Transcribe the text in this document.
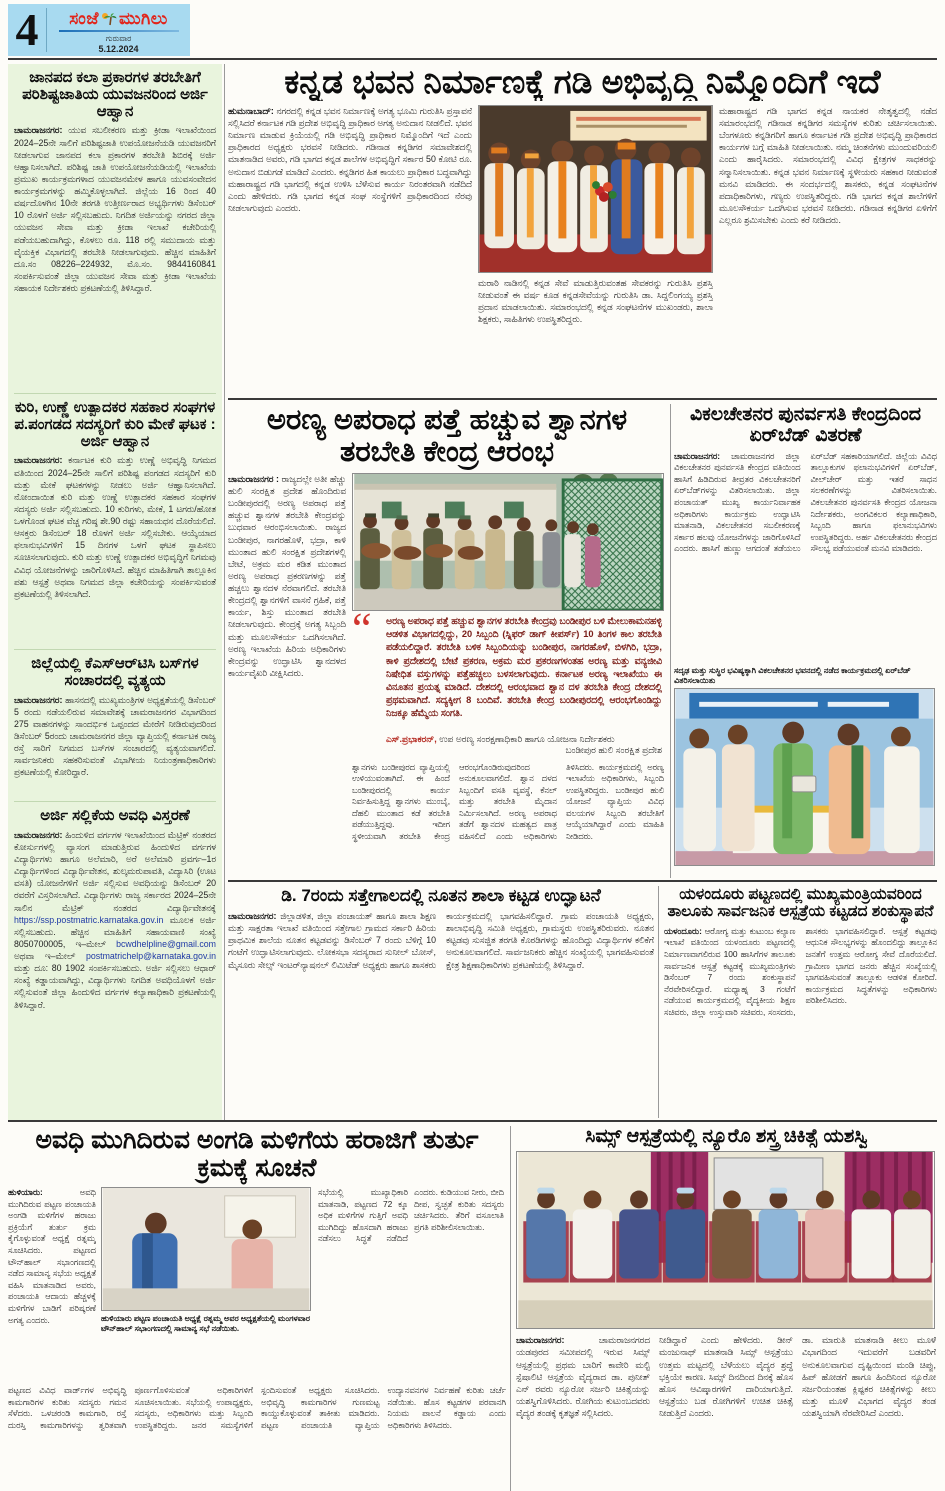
4	ಸಂಜೆ ಮುಗಿಲು
ಗುರುವಾರ
5.12.2024
ಜಾನಪದ ಕಲಾ ಪ್ರಕಾರಗಳ ತರಬೇತಿಗೆ ಪರಿಶಿಷ್ಟಜಾತಿಯ ಯುವಜನರಿಂದ ಅರ್ಜಿ ಆಹ್ವಾನ

ಚಾಮರಾಜನಗರ: ಯುವ ಸಬಲೀಕರಣ ಮತ್ತು ಕ್ರೀಡಾ ಇಲಾಖೆಯಿಂದ 2024–25ನೇ ಸಾಲಿಗೆ ಪರಿಶಿಷ್ಟಜಾತಿ ಉಪಯೋಜನೆಯಡಿ ಯುವಜನರಿಗೆ ನೀಡಲಾಗುವ ಜಾನಪದ ಕಲಾ ಪ್ರಕಾರಗಳ ತರಬೇತಿ ಶಿಬಿರಕ್ಕೆ ಅರ್ಜಿ ಆಹ್ವಾನಿಸಲಾಗಿದೆ. ಪರಿಶಿಷ್ಟ ಜಾತಿ ಉಪಯೋಜನೆಯಡಿಯಲ್ಲಿ ಇಲಾಖೆಯ ಪ್ರಮುಖ ಕಾರ್ಯಕ್ರಮಗಳಾದ ಯುವಜನಮೇಳ ಹಾಗೂ ಯುವಸಂವೇದನ ಕಾರ್ಯಕ್ರಮಗಳನ್ನು ಹಮ್ಮಿಕೊಳ್ಳಲಾಗಿದೆ. ಜಿಲ್ಲೆಯ 16 ರಿಂದ 40 ವರ್ಷದೊಳಗಿನ 10ನೇ ತರಗತಿ ಉತ್ತೀರ್ಣರಾದ ಅಭ್ಯರ್ಥಿಗಳು ಡಿಸೆಂಬರ್ 10 ರೊಳಗೆ ಅರ್ಜಿ ಸಲ್ಲಿಸಬಹುದು. ನಿಗದಿತ ಅರ್ಜಿಯನ್ನು ನಗರದ ಜಿಲ್ಲಾ ಯುವಜನ ಸೇವಾ ಮತ್ತು ಕ್ರೀಡಾ ಇಲಾಖೆ ಕಚೇರಿಯಲ್ಲಿ ಪಡೆಯಬಹುದಾಗಿದ್ದು, ಕೊಳಲು ರೂ. 118 ರಲ್ಲಿ ಸಮುದಾಯ ಮತ್ತು ವೈಯಕ್ತಿಕ ವಿಭಾಗದಲ್ಲಿ ತರಬೇತಿ ನೀಡಲಾಗುವುದು. ಹೆಚ್ಚಿನ ಮಾಹಿತಿಗೆ ದೂ.ಸಂ 08226–224932, ಮೊ.ಸಂ. 9844160841 ಸಂಪರ್ಕಿಸುವಂತೆ ಜಿಲ್ಲಾ ಯುವಜನ ಸೇವಾ ಮತ್ತು ಕ್ರೀಡಾ ಇಲಾಖೆಯ ಸಹಾಯಕ ನಿರ್ದೇಶಕರು ಪ್ರಕಟಣೆಯಲ್ಲಿ ತಿಳಿಸಿದ್ದಾರೆ.

ಕುರಿ, ಉಣ್ಣೆ ಉತ್ಪಾದಕರ ಸಹಕಾರ ಸಂಘಗಳ ಪ.ಪಂಗಡದ ಸದಸ್ಯರಿಗೆ ಕುರಿ ಮೇಕೆ ಘಟಕ : ಅರ್ಜಿ ಆಹ್ವಾನ

ಚಾಮರಾಜನಗರ: ಕರ್ನಾಟಕ ಕುರಿ ಮತ್ತು ಉಣ್ಣೆ ಅಭಿವೃದ್ಧಿ ನಿಗಮದ ವತಿಯಿಂದ 2024–25ನೇ ಸಾಲಿಗೆ ಪರಿಶಿಷ್ಟ ಪಂಗಡದ ಸದಸ್ಯರಿಗೆ ಕುರಿ ಮತ್ತು ಮೇಕೆ ಘಟಕಗಳನ್ನು ನೀಡಲು ಅರ್ಜಿ ಆಹ್ವಾನಿಸಲಾಗಿದೆ. ನೋಂದಾಯಿತ ಕುರಿ ಮತ್ತು ಉಣ್ಣೆ ಉತ್ಪಾದಕರ ಸಹಕಾರ ಸಂಘಗಳ ಸದಸ್ಯರು ಅರ್ಜಿ ಸಲ್ಲಿಸಬಹುದು. 10 ಕುರಿಗಳು, ಮೇಕೆ, 1 ಟಗರು/ಹೋತ ಒಳಗೊಂಡ ಘಟಕ ವೆಚ್ಚ ಗರಿಷ್ಠ ಶೇ.90 ರಷ್ಟು ಸಹಾಯಧನ ದೊರೆಯಲಿದೆ. ಆಸಕ್ತರು ಡಿಸೆಂಬರ್ 18 ರೊಳಗೆ ಅರ್ಜಿ ಸಲ್ಲಿಸಬೇಕು. ಆಯ್ಕೆಯಾದ ಫಲಾನುಭವಿಗಳಿಗೆ 15 ದಿನಗಳ ಒಳಗೆ ಘಟಕ ಸ್ಥಾಪಿಸಲು ಸೂಚಿಸಲಾಗುವುದು. ಕುರಿ ಮತ್ತು ಉಣ್ಣೆ ಉತ್ಪಾದಕರ ಅಭಿವೃದ್ಧಿಗೆ ನಿಗಮವು ವಿವಿಧ ಯೋಜನೆಗಳನ್ನು ಜಾರಿಗೊಳಿಸಿದೆ. ಹೆಚ್ಚಿನ ಮಾಹಿತಿಗಾಗಿ ತಾಲ್ಲೂಕಿನ ಪಶು ಆಸ್ಪತ್ರೆ ಅಥವಾ ನಿಗಮದ ಜಿಲ್ಲಾ ಕಚೇರಿಯನ್ನು ಸಂಪರ್ಕಿಸುವಂತೆ ಪ್ರಕಟಣೆಯಲ್ಲಿ ತಿಳಿಸಲಾಗಿದೆ.

ಜಿಲ್ಲೆಯಲ್ಲಿ ಕೆಎಸ್‌ಆರ್‌ಟಿಸಿ ಬಸ್‌ಗಳ ಸಂಚಾರದಲ್ಲಿ ವ್ಯತ್ಯಯ

ಚಾಮರಾಜನಗರ: ಹಾಸನದಲ್ಲಿ ಮುಖ್ಯಮಂತ್ರಿಗಳ ಅಧ್ಯಕ್ಷತೆಯಲ್ಲಿ ಡಿಸೆಂಬರ್ 5 ರಂದು ನಡೆಯಲಿರುವ ಸಮಾವೇಶಕ್ಕೆ ಚಾಮರಾಜನಗರ ವಿಭಾಗದಿಂದ 275 ವಾಹನಗಳನ್ನು ಸಾಂದರ್ಭಿಕ ಒಪ್ಪಂದದ ಮೇರೆಗೆ ನೀಡಿರುವುದರಿಂದ ಡಿಸೆಂಬರ್ 5ರಂದು ಚಾಮರಾಜನಗರ ಜಿಲ್ಲಾ ವ್ಯಾಪ್ತಿಯಲ್ಲಿ ಕರ್ನಾಟಕ ರಾಜ್ಯ ರಸ್ತೆ ಸಾರಿಗೆ ನಿಗಮದ ಬಸ್‌ಗಳ ಸಂಚಾರದಲ್ಲಿ ವ್ಯತ್ಯಯವಾಗಲಿದೆ. ಸಾರ್ವಜನಿಕರು ಸಹಕರಿಸುವಂತೆ ವಿಭಾಗೀಯ ನಿಯಂತ್ರಣಾಧಿಕಾರಿಗಳು ಪ್ರಕಟಣೆಯಲ್ಲಿ ಕೋರಿದ್ದಾರೆ.

ಅರ್ಜಿ ಸಲ್ಲಿಕೆಯ ಅವಧಿ ವಿಸ್ತರಣೆ

ಚಾಮರಾಜನಗರ: ಹಿಂದುಳಿದ ವರ್ಗಗಳ ಇಲಾಖೆಯಿಂದ ಮೆಟ್ರಿಕ್ ನಂತರದ ಕೋರ್ಸುಗಳಲ್ಲಿ ವ್ಯಾಸಂಗ ಮಾಡುತ್ತಿರುವ ಹಿಂದುಳಿದ ವರ್ಗಗಳ ವಿದ್ಯಾರ್ಥಿಗಳು ಹಾಗೂ ಅಲೆಮಾರಿ, ಅರೆ ಅಲೆಮಾರಿ ಪ್ರವರ್ಗ–1ರ ವಿದ್ಯಾರ್ಥಿಗಳಿಂದ ವಿದ್ಯಾರ್ಥಿವೇತನ, ಶುಲ್ಕಮರುಪಾವತಿ, ವಿದ್ಯಾಸಿರಿ (ಊಟ ವಸತಿ) ಯೋಜನೆಗಳಿಗೆ ಅರ್ಜಿ ಸಲ್ಲಿಸುವ ಅವಧಿಯನ್ನು ಡಿಸೆಂಬರ್ 20 ರವರೆಗೆ ವಿಸ್ತರಿಸಲಾಗಿದೆ. ವಿದ್ಯಾರ್ಥಿಗಳು ರಾಜ್ಯ ಸರ್ಕಾರದ 2024–25ನೇ ಸಾಲಿನ ಮೆಟ್ರಿಕ್ ನಂತರದ ವಿದ್ಯಾರ್ಥಿವೇತನಕ್ಕೆ https://ssp.postmatric.karnataka.gov.in ಮೂಲಕ ಅರ್ಜಿ ಸಲ್ಲಿಸಬಹುದು. ಹೆಚ್ಚಿನ ಮಾಹಿತಿಗೆ ಸಹಾಯವಾಣಿ ಸಂಖ್ಯೆ 8050700005, ಇ–ಮೇಲ್ bcwdhelpline@gmail.com ಅಥವಾ ಇ–ಮೇಲ್ postmatrichelp@karnataka.gov.in ಮತ್ತು ದೂ: 80 1902 ಸಂಪರ್ಕಿಸಬಹುದು. ಅರ್ಜಿ ಸಲ್ಲಿಸಲು ಆಧಾರ್ ಸಂಖ್ಯೆ ಕಡ್ಡಾಯವಾಗಿದ್ದು, ವಿದ್ಯಾರ್ಥಿಗಳು ನಿಗದಿತ ಅವಧಿಯೊಳಗೆ ಅರ್ಜಿ ಸಲ್ಲಿಸುವಂತೆ ಜಿಲ್ಲಾ ಹಿಂದುಳಿದ ವರ್ಗಗಳ ಕಲ್ಯಾಣಾಧಿಕಾರಿ ಪ್ರಕಟಣೆಯಲ್ಲಿ ತಿಳಿಸಿದ್ದಾರೆ.

ಕನ್ನಡ ಭವನ ನಿರ್ಮಾಣಕ್ಕೆ ಗಡಿ ಅಭಿವೃದ್ಧಿ ನಿಮ್ಮೊಂದಿಗೆ ಇದೆ
ಹುಮನಾಬಾದ್: ನಗರದಲ್ಲಿ ಕನ್ನಡ ಭವನ ನಿರ್ಮಾಣಕ್ಕೆ ಅಗತ್ಯ ಭೂಮಿ ಗುರುತಿಸಿ ಪ್ರಸ್ತಾವನೆ ಸಲ್ಲಿಸಿದರೆ ಕರ್ನಾಟಕ ಗಡಿ ಪ್ರದೇಶ ಅಭಿವೃದ್ಧಿ ಪ್ರಾಧಿಕಾರ ಅಗತ್ಯ ಅನುದಾನ ನೀಡಲಿದೆ. ಭವನ ನಿರ್ಮಾಣ ಮಾಡುವ ಕ್ರಿಯೆಯಲ್ಲಿ ಗಡಿ ಅಭಿವೃದ್ಧಿ ಪ್ರಾಧಿಕಾರ ನಿಮ್ಮೊಂದಿಗೆ ಇದೆ ಎಂದು ಪ್ರಾಧಿಕಾರದ ಅಧ್ಯಕ್ಷರು ಭರವಸೆ ನೀಡಿದರು. ಗಡಿನಾಡ ಕನ್ನಡಿಗರ ಸಮಾವೇಶದಲ್ಲಿ ಮಾತನಾಡಿದ ಅವರು, ಗಡಿ ಭಾಗದ ಕನ್ನಡ ಶಾಲೆಗಳ ಅಭಿವೃದ್ಧಿಗೆ ಸರ್ಕಾರ 50 ಕೋಟಿ ರೂ. ಅನುದಾನ ಬಿಡುಗಡೆ ಮಾಡಿದೆ ಎಂದರು. ಕನ್ನಡಿಗರ ಹಿತ ಕಾಯಲು ಪ್ರಾಧಿಕಾರ ಬದ್ಧವಾಗಿದ್ದು ಮಹಾರಾಷ್ಟ್ರದ ಗಡಿ ಭಾಗದಲ್ಲಿ ಕನ್ನಡ ಉಳಿಸಿ ಬೆಳೆಸುವ ಕಾರ್ಯ ನಿರಂತರವಾಗಿ ನಡೆದಿದೆ ಎಂದು ಹೇಳಿದರು. ಗಡಿ ಭಾಗದ ಕನ್ನಡ ಸಂಘ ಸಂಸ್ಥೆಗಳಿಗೆ ಪ್ರಾಧಿಕಾರದಿಂದ ನೆರವು ನೀಡಲಾಗುವುದು ಎಂದರು.

ಮರಾಠಿ ನಾಡಿನಲ್ಲಿ ಕನ್ನಡ ಸೇವೆ ಮಾಡುತ್ತಿರುವಂತಹ ಸೇವಕರನ್ನು ಗುರುತಿಸಿ ಪ್ರಶಸ್ತಿ ನೀಡುವಂತೆ ಈ ವರ್ಷ ಕೂಡ ಕನ್ನಡಸೇವೆಯನ್ನು ಗುರುತಿಸಿ ಡಾ. ಸಿದ್ದಲಿಂಗಯ್ಯ ಪ್ರಶಸ್ತಿ ಪ್ರದಾನ ಮಾಡಲಾಯಿತು. ಸಮಾರಂಭದಲ್ಲಿ ಕನ್ನಡ ಸಂಘಟನೆಗಳ ಮುಖಂಡರು, ಶಾಲಾ ಶಿಕ್ಷಕರು, ಸಾಹಿತಿಗಳು ಉಪಸ್ಥಿತರಿದ್ದರು.

ಮಹಾರಾಷ್ಟ್ರದ ಗಡಿ ಭಾಗದ ಕನ್ನಡ ನಾಯಕರ ನೇತೃತ್ವದಲ್ಲಿ ನಡೆದ ಸಮಾರಂಭದಲ್ಲಿ ಗಡಿನಾಡ ಕನ್ನಡಿಗರ ಸಮಸ್ಯೆಗಳ ಕುರಿತು ಚರ್ಚಿಸಲಾಯಿತು. ಬೆಂಗಳೂರು ಕನ್ನಡಿಗರಿಗೆ ಹಾಗೂ ಕರ್ನಾಟಕ ಗಡಿ ಪ್ರದೇಶ ಅಭಿವೃದ್ಧಿ ಪ್ರಾಧಿಕಾರದ ಕಾರ್ಯಗಳ ಬಗ್ಗೆ ಮಾಹಿತಿ ನೀಡಲಾಯಿತು. ನಮ್ಮ ಚಿಂತನೆಗಳು ಮುಂದುವರಿಯಲಿ ಎಂದು ಹಾರೈಸಿದರು. ಸಮಾರಂಭದಲ್ಲಿ ವಿವಿಧ ಕ್ಷೇತ್ರಗಳ ಸಾಧಕರನ್ನು ಸನ್ಮಾನಿಸಲಾಯಿತು. ಕನ್ನಡ ಭವನ ನಿರ್ಮಾಣಕ್ಕೆ ಸ್ಥಳೀಯರು ಸಹಕಾರ ನೀಡುವಂತೆ ಮನವಿ ಮಾಡಿದರು. ಈ ಸಂದರ್ಭದಲ್ಲಿ ಶಾಸಕರು, ಕನ್ನಡ ಸಂಘಟನೆಗಳ ಪದಾಧಿಕಾರಿಗಳು, ಗಣ್ಯರು ಉಪಸ್ಥಿತರಿದ್ದರು. ಗಡಿ ಭಾಗದ ಕನ್ನಡ ಶಾಲೆಗಳಿಗೆ ಮೂಲಸೌಕರ್ಯ ಒದಗಿಸುವ ಭರವಸೆ ನೀಡಿದರು. ಗಡಿನಾಡ ಕನ್ನಡಿಗರ ಏಳಿಗೆಗೆ ಎಲ್ಲರೂ ಶ್ರಮಿಸಬೇಕು ಎಂದು ಕರೆ ನೀಡಿದರು.
ಅರಣ್ಯ ಅಪರಾಧ ಪತ್ತೆ ಹಚ್ಚುವ ಶ್ವಾನಗಳ ತರಬೇತಿ ಕೇಂದ್ರ ಆರಂಭ
ಚಾಮರಾಜನಗರ : ರಾಜ್ಯದಲ್ಲೇ ಅತೀ ಹೆಚ್ಚು ಹುಲಿ ಸಂರಕ್ಷಿತ ಪ್ರದೇಶ ಹೊಂದಿರುವ ಬಂಡೀಪುರದಲ್ಲಿ ಅರಣ್ಯ ಅಪರಾಧ ಪತ್ತೆ ಹಚ್ಚುವ ಶ್ವಾನಗಳ ತರಬೇತಿ ಕೇಂದ್ರವನ್ನು ಬುಧವಾರ ಆರಂಭಿಸಲಾಯಿತು. ರಾಜ್ಯದ ಬಂಡೀಪುರ, ನಾಗರಹೊಳೆ, ಭದ್ರಾ, ಕಾಳಿ ಮುಂತಾದ ಹುಲಿ ಸಂರಕ್ಷಿತ ಪ್ರದೇಶಗಳಲ್ಲಿ ಬೇಟೆ, ಅಕ್ರಮ ಮರ ಕಡಿತ ಮುಂತಾದ ಅರಣ್ಯ ಅಪರಾಧ ಪ್ರಕರಣಗಳನ್ನು ಪತ್ತೆ ಹಚ್ಚಲು ಶ್ವಾನದಳ ನೆರವಾಗಲಿದೆ. ತರಬೇತಿ ಕೇಂದ್ರದಲ್ಲಿ ಶ್ವಾನಗಳಿಗೆ ವಾಸನೆ ಗ್ರಹಿಕೆ, ಪತ್ತೆ ಕಾರ್ಯ, ಶಿಸ್ತು ಮುಂತಾದ ತರಬೇತಿ ನೀಡಲಾಗುವುದು. ಕೇಂದ್ರಕ್ಕೆ ಅಗತ್ಯ ಸಿಬ್ಬಂದಿ ಮತ್ತು ಮೂಲಸೌಕರ್ಯ ಒದಗಿಸಲಾಗಿದೆ. ಅರಣ್ಯ ಇಲಾಖೆಯ ಹಿರಿಯ ಅಧಿಕಾರಿಗಳು ಕೇಂದ್ರವನ್ನು ಉದ್ಘಾಟಿಸಿ ಶ್ವಾನದಳದ ಕಾರ್ಯವೈಖರಿ ವೀಕ್ಷಿಸಿದರು.
“ ಅರಣ್ಯ ಅಪರಾಧ ಪತ್ತೆ ಹಚ್ಚುವ ಶ್ವಾನಗಳ ತರಬೇತಿ ಕೇಂದ್ರವು ಬಂಡೀಪುರ ಬಳಿ ಮೇಲುಕಾಮನಹಳ್ಳಿ ಆಡಳಿತ ವಿಭಾಗದಲ್ಲಿದ್ದು, 20 ಸಿಬ್ಬಂದಿ (ಸ್ನಿಫರ್ ಡಾಗ್ ಕೀಪರ್ಸ್) 10 ತಿಂಗಳ ಕಾಲ ತರಬೇತಿ ಪಡೆಯಲಿದ್ದಾರೆ. ತರಬೇತಿ ಬಳಿಕ ಸಿಬ್ಬಂದಿಯನ್ನು ಬಂಡೀಪುರ, ನಾಗರಹೊಳೆ, ಬಿಳಗಿರಿ, ಭದ್ರಾ, ಕಾಳಿ ಪ್ರದೇಶದಲ್ಲಿ ಬೇಟೆ ಪ್ರಕರಣ, ಅಕ್ರಮ ಮರ ಪ್ರಕರಣಗಳಂತಹ ಅರಣ್ಯ ಮತ್ತು ವನ್ಯಜೀವಿ ನಿಷೇಧಿತ ವಸ್ತುಗಳನ್ನು ಪತ್ತೆಹಚ್ಚಲು ಬಳಸಲಾಗುವುದು. ಕರ್ನಾಟಕ ಅರಣ್ಯ ಇಲಾಖೆಯು ಈ ವಿನೂತನ ಪ್ರಯತ್ನ ಮಾಡಿದೆ. ದೇಶದಲ್ಲಿ ಆರಂಭವಾದ ಶ್ವಾನ ದಳ ತರಬೇತಿ ಕೇಂದ್ರ ದೇಶದಲ್ಲಿ ಪ್ರಥಮವಾಗಿದೆ. ಸದ್ಯಕ್ಕೀಗ 8 ಬಂದಿವೆ. ತರಬೇತಿ ಕೇಂದ್ರ ಬಂಡೀಪುರದಲ್ಲಿ ಆರಂಭಗೊಂಡಿದ್ದು ನಿಜಕ್ಕೂ ಹೆಮ್ಮೆಯ ಸಂಗತಿ.

ಎಸ್.ಪ್ರಭಾಕರನ್, ಉಪ ಅರಣ್ಯ ಸಂರಕ್ಷಣಾಧಿಕಾರಿ ಹಾಗೂ ಯೋಜನಾ ನಿರ್ದೇಶಕರು
ಬಂಡೀಪುರ ಹುಲಿ ಸಂರಕ್ಷಿತ ಪ್ರದೇಶ

ಶ್ವಾನಗಳು ಬಂಡೀಪುರದ ವ್ಯಾಪ್ತಿಯಲ್ಲಿ ಉಳಿಯುವಂತಾಗಿದೆ. ಈ ಹಿಂದೆ ಬಂಡೀಪುರದಲ್ಲಿ ಕಾರ್ಯ ನಿರ್ವಹಿಸುತ್ತಿದ್ದ ಶ್ವಾನಗಳು ಮುಂಬೈ, ದೆಹಲಿ ಮುಂತಾದ ಕಡೆ ತರಬೇತಿ ಪಡೆಯುತ್ತಿದ್ದವು. ಇದೀಗ ಸ್ಥಳೀಯವಾಗಿ ತರಬೇತಿ ಕೇಂದ್ರ ಆರಂಭಗೊಂಡಿರುವುದರಿಂದ ಅನುಕೂಲವಾಗಲಿದೆ. ಶ್ವಾನ ದಳದ ಸಿಬ್ಬಂದಿಗೆ ವಸತಿ ವ್ಯವಸ್ಥೆ, ಕೆನಲ್ ಮತ್ತು ತರಬೇತಿ ಮೈದಾನ ನಿರ್ಮಿಸಲಾಗಿದೆ. ಅರಣ್ಯ ಅಪರಾಧ ತಡೆಗೆ ಶ್ವಾನದಳ ಮಹತ್ವದ ಪಾತ್ರ ವಹಿಸಲಿದೆ ಎಂದು ಅಧಿಕಾರಿಗಳು ತಿಳಿಸಿದರು. ಕಾರ್ಯಕ್ರಮದಲ್ಲಿ ಅರಣ್ಯ ಇಲಾಖೆಯ ಅಧಿಕಾರಿಗಳು, ಸಿಬ್ಬಂದಿ ಉಪಸ್ಥಿತರಿದ್ದರು. ಬಂಡೀಪುರ ಹುಲಿ ಯೋಜನೆ ವ್ಯಾಪ್ತಿಯ ವಿವಿಧ ವಲಯಗಳ ಸಿಬ್ಬಂದಿ ತರಬೇತಿಗೆ ಆಯ್ಕೆಯಾಗಿದ್ದಾರೆ ಎಂದು ಮಾಹಿತಿ ನೀಡಿದರು.

ವಿಕಲಚೇತನರ ಪುನರ್ವಸತಿ ಕೇಂದ್ರದಿಂದ ಏರ್‌ಬೆಡ್ ವಿತರಣೆ

ಚಾಮರಾಜನಗರ: ಚಾಮರಾಜನಗರ ಜಿಲ್ಲಾ ವಿಕಲಚೇತನರ ಪುನರ್ವಸತಿ ಕೇಂದ್ರದ ವತಿಯಿಂದ ಹಾಸಿಗೆ ಹಿಡಿದಿರುವ ತೀವ್ರತರ ವಿಕಲಚೇತನರಿಗೆ ಏರ್‌ಬೆಡ್‌ಗಳನ್ನು ವಿತರಿಸಲಾಯಿತು. ಜಿಲ್ಲಾ ಪಂಚಾಯತ್ ಮುಖ್ಯ ಕಾರ್ಯನಿರ್ವಾಹಕ ಅಧಿಕಾರಿಗಳು ಕಾರ್ಯಕ್ರಮ ಉದ್ಘಾಟಿಸಿ ಮಾತನಾಡಿ, ವಿಕಲಚೇತನರ ಸಬಲೀಕರಣಕ್ಕೆ ಸರ್ಕಾರ ಹಲವು ಯೋಜನೆಗಳನ್ನು ಜಾರಿಗೊಳಿಸಿದೆ ಎಂದರು. ಹಾಸಿಗೆ ಹುಣ್ಣು ಆಗದಂತೆ ತಡೆಯಲು ಏರ್‌ಬೆಡ್ ಸಹಕಾರಿಯಾಗಲಿದೆ. ಜಿಲ್ಲೆಯ ವಿವಿಧ ತಾಲ್ಲೂಕುಗಳ ಫಲಾನುಭವಿಗಳಿಗೆ ಏರ್‌ಬೆಡ್, ವೀಲ್‌ಚೇರ್ ಮತ್ತು ಇತರೆ ಸಾಧನ ಸಲಕರಣೆಗಳನ್ನು ವಿತರಿಸಲಾಯಿತು. ವಿಕಲಚೇತನರ ಪುನರ್ವಸತಿ ಕೇಂದ್ರದ ಯೋಜನಾ ನಿರ್ದೇಶಕರು, ಅಂಗವಿಕಲರ ಕಲ್ಯಾಣಾಧಿಕಾರಿ, ಸಿಬ್ಬಂದಿ ಹಾಗೂ ಫಲಾನುಭವಿಗಳು ಉಪಸ್ಥಿತರಿದ್ದರು. ಅರ್ಹ ವಿಕಲಚೇತನರು ಕೇಂದ್ರದ ಸೌಲಭ್ಯ ಪಡೆಯುವಂತೆ ಮನವಿ ಮಾಡಿದರು.

ಸದೃಢ ಮತ್ತು ಸುಸ್ಥಿರ ಭವಿಷ್ಯಕ್ಕಾಗಿ ವಿಕಲಚೇತನರ ಭವನದಲ್ಲಿ ನಡೆದ ಕಾರ್ಯಕ್ರಮದಲ್ಲಿ ಏರ್‌ಬೆಡ್ ವಿತರಿಸಲಾಯಿತು
ಡಿ. 7ರಂದು ಸತ್ತೇಗಾಲದಲ್ಲಿ ನೂತನ ಶಾಲಾ ಕಟ್ಟಡ ಉದ್ಘಾಟನೆ

ಚಾಮರಾಜನಗರ: ಜಿಲ್ಲಾಡಳಿತ, ಜಿಲ್ಲಾ ಪಂಚಾಯತ್ ಹಾಗೂ ಶಾಲಾ ಶಿಕ್ಷಣ ಮತ್ತು ಸಾಕ್ಷರತಾ ಇಲಾಖೆ ವತಿಯಿಂದ ಸತ್ತೇಗಾಲ ಗ್ರಾಮದ ಸರ್ಕಾರಿ ಹಿರಿಯ ಪ್ರಾಥಮಿಕ ಶಾಲೆಯ ನೂತನ ಕಟ್ಟಡವನ್ನು ಡಿಸೆಂಬರ್ 7 ರಂದು ಬೆಳಿಗ್ಗೆ 10 ಗಂಟೆಗೆ ಉದ್ಘಾಟಿಸಲಾಗುವುದು. ಲೋಕಸಭಾ ಸದಸ್ಯರಾದ ಸುನೀಲ್ ಬೋಸ್, ಮೈಸೂರು ಸೇಲ್ಸ್ ಇಂಟರ್‌ನ್ಯಾಷನಲ್ ಲಿಮಿಟೆಡ್ ಅಧ್ಯಕ್ಷರು ಹಾಗೂ ಶಾಸಕರು ಕಾರ್ಯಕ್ರಮದಲ್ಲಿ ಭಾಗವಹಿಸಲಿದ್ದಾರೆ. ಗ್ರಾಮ ಪಂಚಾಯತಿ ಅಧ್ಯಕ್ಷರು, ಶಾಲಾಭಿವೃದ್ಧಿ ಸಮಿತಿ ಅಧ್ಯಕ್ಷರು, ಗ್ರಾಮಸ್ಥರು ಉಪಸ್ಥಿತರಿರುವರು. ನೂತನ ಕಟ್ಟಡವು ಸುಸಜ್ಜಿತ ತರಗತಿ ಕೊಠಡಿಗಳನ್ನು ಹೊಂದಿದ್ದು ವಿದ್ಯಾರ್ಥಿಗಳ ಕಲಿಕೆಗೆ ಅನುಕೂಲವಾಗಲಿದೆ. ಸಾರ್ವಜನಿಕರು ಹೆಚ್ಚಿನ ಸಂಖ್ಯೆಯಲ್ಲಿ ಭಾಗವಹಿಸುವಂತೆ ಕ್ಷೇತ್ರ ಶಿಕ್ಷಣಾಧಿಕಾರಿಗಳು ಪ್ರಕಟಣೆಯಲ್ಲಿ ತಿಳಿಸಿದ್ದಾರೆ.

ಯಳಂದೂರು ಪಟ್ಟಣದಲ್ಲಿ ಮುಖ್ಯಮಂತ್ರಿಯವರಿಂದ ತಾಲೂಕು ಸಾರ್ವಜನಿಕ ಆಸ್ಪತ್ರೆಯ ಕಟ್ಟಡದ ಶಂಕುಸ್ಥಾಪನೆ

ಯಳಂದೂರು: ಆರೋಗ್ಯ ಮತ್ತು ಕುಟುಂಬ ಕಲ್ಯಾಣ ಇಲಾಖೆ ವತಿಯಿಂದ ಯಳಂದೂರು ಪಟ್ಟಣದಲ್ಲಿ ನಿರ್ಮಾಣವಾಗಲಿರುವ 100 ಹಾಸಿಗೆಗಳ ತಾಲೂಕು ಸಾರ್ವಜನಿಕ ಆಸ್ಪತ್ರೆ ಕಟ್ಟಡಕ್ಕೆ ಮುಖ್ಯಮಂತ್ರಿಗಳು ಡಿಸೆಂಬರ್ 7 ರಂದು ಶಂಕುಸ್ಥಾಪನೆ ನೆರವೇರಿಸಲಿದ್ದಾರೆ. ಮಧ್ಯಾಹ್ನ 3 ಗಂಟೆಗೆ ನಡೆಯುವ ಕಾರ್ಯಕ್ರಮದಲ್ಲಿ ವೈದ್ಯಕೀಯ ಶಿಕ್ಷಣ ಸಚಿವರು, ಜಿಲ್ಲಾ ಉಸ್ತುವಾರಿ ಸಚಿವರು, ಸಂಸದರು, ಶಾಸಕರು ಭಾಗವಹಿಸಲಿದ್ದಾರೆ. ಆಸ್ಪತ್ರೆ ಕಟ್ಟಡವು ಆಧುನಿಕ ಸೌಲಭ್ಯಗಳನ್ನು ಹೊಂದಲಿದ್ದು ತಾಲ್ಲೂಕಿನ ಜನತೆಗೆ ಉತ್ತಮ ಆರೋಗ್ಯ ಸೇವೆ ದೊರೆಯಲಿದೆ. ಗ್ರಾಮೀಣ ಭಾಗದ ಜನರು ಹೆಚ್ಚಿನ ಸಂಖ್ಯೆಯಲ್ಲಿ ಭಾಗವಹಿಸುವಂತೆ ತಾಲ್ಲೂಕು ಆಡಳಿತ ಕೋರಿದೆ. ಕಾರ್ಯಕ್ರಮದ ಸಿದ್ಧತೆಗಳನ್ನು ಅಧಿಕಾರಿಗಳು ಪರಿಶೀಲಿಸಿದರು.

ಅವಧಿ ಮುಗಿದಿರುವ ಅಂಗಡಿ ಮಳಿಗೆಯ ಹರಾಜಿಗೆ ತುರ್ತು ಕ್ರಮಕ್ಕೆ ಸೂಚನೆ
ಹುಳಿಯಾರು:	ಅವಧಿ ಮುಗಿದಿರುವ ಪಟ್ಟಣ ಪಂಚಾಯತಿ ಅಂಗಡಿ ಮಳಿಗೆಗಳ ಹರಾಜು ಪ್ರಕ್ರಿಯೆಗೆ ತುರ್ತು ಕ್ರಮ ಕೈಗೊಳ್ಳುವಂತೆ ಅಧ್ಯಕ್ಷೆ ರತ್ನಮ್ಮ ಸೂಚಿಸಿದರು. ಪಟ್ಟಣದ ಟೌನ್‌ಹಾಲ್ ಸಭಾಂಗಣದಲ್ಲಿ ನಡೆದ ಸಾಮಾನ್ಯ ಸಭೆಯ ಅಧ್ಯಕ್ಷತೆ ವಹಿಸಿ ಮಾತನಾಡಿದ ಅವರು, ಪಂಚಾಯತಿ ಆದಾಯ ಹೆಚ್ಚಳಕ್ಕೆ ಮಳಿಗೆಗಳ ಬಾಡಿಗೆ ಪರಿಷ್ಕರಣೆ ಅಗತ್ಯ ಎಂದರು.	ಹುಳಿಯಾರು ಪಟ್ಟಣ ಪಂಚಾಯತಿ ಅಧ್ಯಕ್ಷೆ ರತ್ನಮ್ಮ ಅವರ ಅಧ್ಯಕ್ಷತೆಯಲ್ಲಿ ಮಂಗಳವಾರ ಟೌನ್‌ಹಾಲ್ ಸಭಾಂಗಣದಲ್ಲಿ ಸಾಮಾನ್ಯ ಸಭೆ ನಡೆಯಿತು.
ಸಭೆಯಲ್ಲಿ ಮುಖ್ಯಾಧಿಕಾರಿ ಮಾತನಾಡಿ, ಪಟ್ಟಣದ 72 ಕ್ಕೂ ಅಧಿಕ ಮಳಿಗೆಗಳ ಗುತ್ತಿಗೆ ಅವಧಿ ಮುಗಿದಿದ್ದು ಹೊಸದಾಗಿ ಹರಾಜು ನಡೆಸಲು ಸಿದ್ಧತೆ ನಡೆದಿದೆ ಎಂದರು. ಕುಡಿಯುವ ನೀರು, ಬೀದಿ ದೀಪ, ಸ್ವಚ್ಛತೆ ಕುರಿತು ಸದಸ್ಯರು ಚರ್ಚಿಸಿದರು. ತೆರಿಗೆ ವಸೂಲಾತಿ ಪ್ರಗತಿ ಪರಿಶೀಲಿಸಲಾಯಿತು.

ಪಟ್ಟಣದ ವಿವಿಧ ವಾರ್ಡ್‌ಗಳ ಅಭಿವೃದ್ಧಿ ಕಾಮಗಾರಿಗಳ ಕುರಿತು ಸದಸ್ಯರು ಗಮನ ಸೆಳೆದರು. ಒಳಚರಂಡಿ ಕಾಮಗಾರಿ, ರಸ್ತೆ ದುರಸ್ತಿ ಕಾಮಗಾರಿಗಳನ್ನು ತ್ವರಿತವಾಗಿ ಪೂರ್ಣಗೊಳಿಸುವಂತೆ ಅಧಿಕಾರಿಗಳಿಗೆ ಸೂಚಿಸಲಾಯಿತು. ಸಭೆಯಲ್ಲಿ ಉಪಾಧ್ಯಕ್ಷರು, ಸದಸ್ಯರು, ಅಧಿಕಾರಿಗಳು ಮತ್ತು ಸಿಬ್ಬಂದಿ ಉಪಸ್ಥಿತರಿದ್ದರು. ಜನರ ಸಮಸ್ಯೆಗಳಿಗೆ ಸ್ಪಂದಿಸುವಂತೆ ಅಧ್ಯಕ್ಷರು ಸೂಚಿಸಿದರು. ಅಭಿವೃದ್ಧಿ ಕಾಮಗಾರಿಗಳ ಗುಣಮಟ್ಟ ಕಾಯ್ದುಕೊಳ್ಳುವಂತೆ ತಾಕೀತು ಮಾಡಿದರು. ಪಟ್ಟಣ ಪಂಚಾಯತಿ ವ್ಯಾಪ್ತಿಯ ಉದ್ಯಾನವನಗಳ ನಿರ್ವಹಣೆ ಕುರಿತು ಚರ್ಚೆ ನಡೆಯಿತು. ಹೊಸ ಕಟ್ಟಡಗಳ ಪರವಾನಗಿ ನಿಯಮ ಪಾಲನೆ ಕಡ್ಡಾಯ ಎಂದು ಅಧಿಕಾರಿಗಳು ತಿಳಿಸಿದರು.

ಸಿಮ್ಸ್ ಆಸ್ಪತ್ರೆಯಲ್ಲಿ ನ್ಯೂರೊ ಶಸ್ತ್ರ ಚಿಕಿತ್ಸೆ ಯಶಸ್ವಿ

ಚಾಮರಾಜನಗರ:	ಚಾಮರಾಜನಗರದ ಯಡಪುರದ ಸಮೀಪದಲ್ಲಿ ಇರುವ ಸಿಮ್ಸ್ ಆಸ್ಪತ್ರೆಯಲ್ಲಿ ಪ್ರಥಮ ಬಾರಿಗೆ ಕಾವೇರಿ ಮಲ್ಟಿ ಸ್ಪೆಷಾಲಿಟಿ ಆಸ್ಪತ್ರೆಯ ವೈದ್ಯರಾದ ಡಾ. ಪುನೀತ್ ಎನ್ ರವರು ನ್ಯೂರೋ ಸರ್ಜರಿ ಚಿಕಿತ್ಸೆಯನ್ನು ಯಶಸ್ವಿಗೊಳಿಸಿದರು. ರೋಗಿಯ ಕುಟುಂಬದವರು ವೈದ್ಯರ ತಂಡಕ್ಕೆ ಕೃತಜ್ಞತೆ ಸಲ್ಲಿಸಿದರು.

ನೀಡಿದ್ದಾರೆ ಎಂದು ಹೇಳಿದರು. ಡೀನ್ ಮಂಜುನಾಥ್ ಮಾತನಾಡಿ ಸಿಮ್ಸ್ ಆಸ್ಪತ್ರೆಯು ಉತ್ತಮ ಮಟ್ಟದಲ್ಲಿ ಬೆಳೆಯಲು ವೈದ್ಯರ ಶ್ರದ್ಧೆ ಭಕ್ತಿಯೇ ಕಾರಣ. ಸಿಮ್ಸ್ ದಿನದಿಂದ ದಿನಕ್ಕೆ ಹೊಸ ಹೊಸ ಆವಿಷ್ಕಾರಗಳಿಗೆ ದಾರಿಯಾಗುತ್ತಿದೆ. ಆಸ್ಪತ್ರೆಯು ಬಡ ರೋಗಿಗಳಿಗೆ ಉಚಿತ ಚಿಕಿತ್ಸೆ ನೀಡುತ್ತಿದೆ ಎಂದರು.

ಡಾ. ಮಾರುತಿ ಮಾತನಾಡಿ ಕೀಲು ಮೂಳೆ ವಿಭಾಗದಿಂದ ಇದುವರೆಗೆ ಬಡವರಿಗೆ ಅನುಕೂಲವಾಗುವ ದೃಷ್ಟಿಯಿಂದ ಮಂಡಿ ಚಿಪ್ಪು, ಹಿಪ್ ಹೋಡಗೆ ಹಾಗೂ ಹಿಂದಿನಿಂದ ನ್ಯೂರೋ ಸರ್ಜರಿಯಂತಹ ಕ್ಲಿಷ್ಟಕರ ಚಿಕಿತ್ಸೆಗಳನ್ನು ಕೀಲು ಮತ್ತು ಮೂಳೆ ವಿಭಾಗದ ವೈದ್ಯರ ತಂಡ ಯಶಸ್ವಿಯಾಗಿ ನೆರವೇರಿಸಿದೆ ಎಂದರು.
